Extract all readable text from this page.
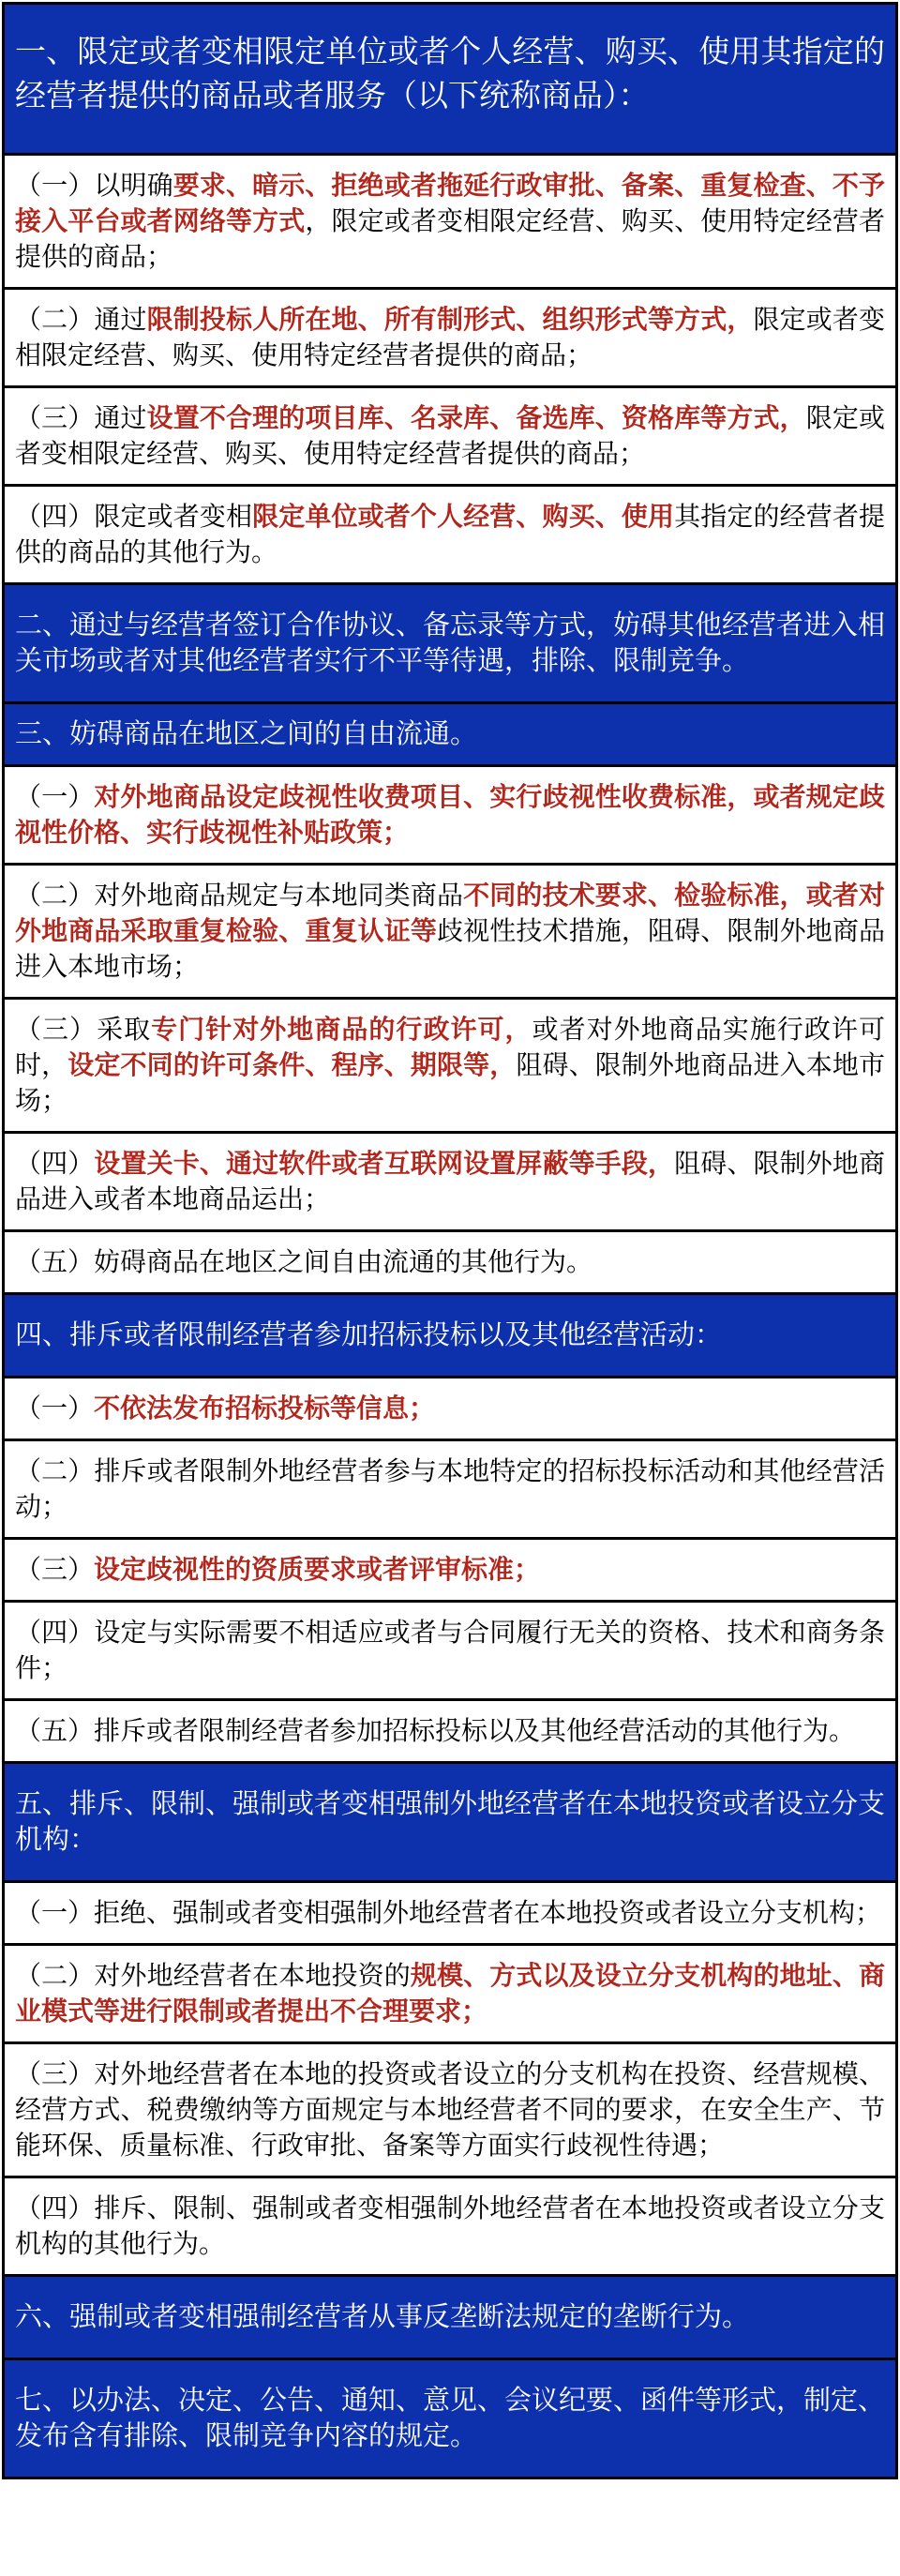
一、限定或者变相限定单位或者个人经营、购买、使用其指定的经营者提供的商品或者服务（以下统称商品）：

（一）以明确要求、暗示、拒绝或者拖延行政审批、备案、重复检查、不予接入平台或者网络等方式，限定或者变相限定经营、购买、使用特定经营者提供的商品；

（二）通过限制投标人所在地、所有制形式、组织形式等方式，限定或者变相限定经营、购买、使用特定经营者提供的商品；

（三）通过设置不合理的项目库、名录库、备选库、资格库等方式，限定或者变相限定经营、购买、使用特定经营者提供的商品；

（四）限定或者变相限定单位或者个人经营、购买、使用其指定的经营者提供的商品的其他行为。

二、通过与经营者签订合作协议、备忘录等方式，妨碍其他经营者进入相关市场或者对其他经营者实行不平等待遇，排除、限制竞争。

三、妨碍商品在地区之间的自由流通。

（一）对外地商品设定歧视性收费项目、实行歧视性收费标准，或者规定歧视性价格、实行歧视性补贴政策；

（二）对外地商品规定与本地同类商品不同的技术要求、检验标准，或者对外地商品采取重复检验、重复认证等歧视性技术措施，阻碍、限制外地商品进入本地市场；

（三）采取专门针对外地商品的行政许可，或者对外地商品实施行政许可时，设定不同的许可条件、程序、期限等，阻碍、限制外地商品进入本地市场；

（四）设置关卡、通过软件或者互联网设置屏蔽等手段，阻碍、限制外地商品进入或者本地商品运出；

（五）妨碍商品在地区之间自由流通的其他行为。

四、排斥或者限制经营者参加招标投标以及其他经营活动：

（一）不依法发布招标投标等信息；

（二）排斥或者限制外地经营者参与本地特定的招标投标活动和其他经营活动；

（三）设定歧视性的资质要求或者评审标准；

（四）设定与实际需要不相适应或者与合同履行无关的资格、技术和商务条件；

（五）排斥或者限制经营者参加招标投标以及其他经营活动的其他行为。

五、排斥、限制、强制或者变相强制外地经营者在本地投资或者设立分支机构：

（一）拒绝、强制或者变相强制外地经营者在本地投资或者设立分支机构；

（二）对外地经营者在本地投资的规模、方式以及设立分支机构的地址、商业模式等进行限制或者提出不合理要求；

（三）对外地经营者在本地的投资或者设立的分支机构在投资、经营规模、经营方式、税费缴纳等方面规定与本地经营者不同的要求，在安全生产、节能环保、质量标准、行政审批、备案等方面实行歧视性待遇；

（四）排斥、限制、强制或者变相强制外地经营者在本地投资或者设立分支机构的其他行为。

六、强制或者变相强制经营者从事反垄断法规定的垄断行为。

七、以办法、决定、公告、通知、意见、会议纪要、函件等形式，制定、发布含有排除、限制竞争内容的规定。
